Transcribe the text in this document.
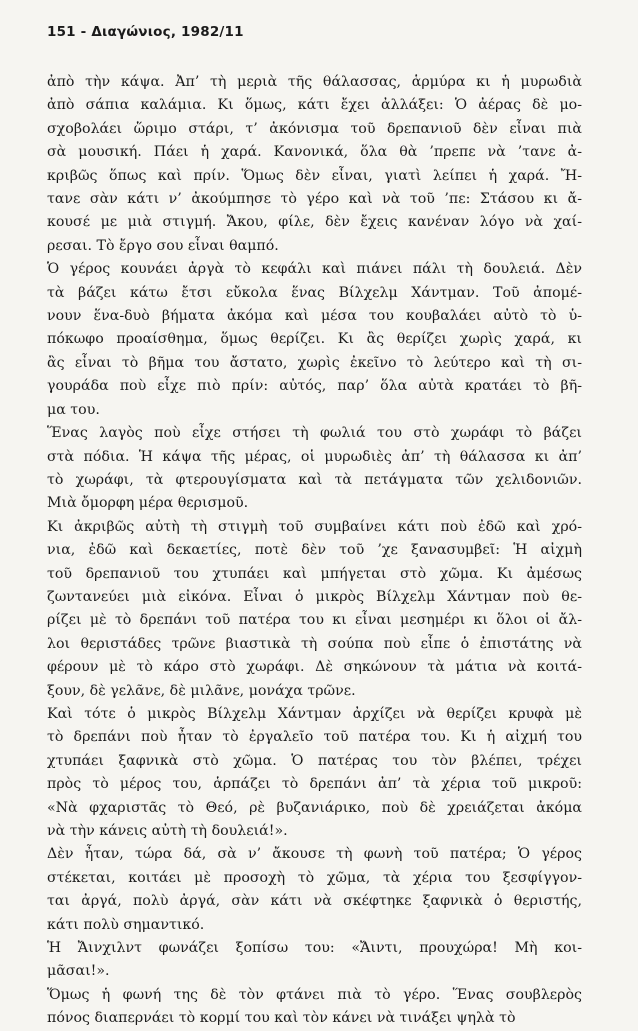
151 - Διαγώνιος, 1982/11
ἀπὸ τὴν κάψα. Ἀπ’ τὴ μεριὰ τῆς θάλασσας, ἁρμύρα κι ἡ μυρωδιὰ
ἀπὸ σάπια καλάμια. Κι ὅμως, κάτι ἔχει ἀλλάξει: Ὁ ἀέρας δὲ μο-
σχοβολάει ὥριμο στάρι, τ’ ἀκόνισμα τοῦ δρεπανιοῦ δὲν εἶναι πιὰ
σὰ μουσική. Πάει ἡ χαρά. Κανονικά, ὅλα θὰ ’πρεπε νὰ ’τανε ἀ-
κριβῶς ὅπως καὶ πρίν. Ὅμως δὲν εἶναι, γιατὶ λείπει ἡ χαρά. Ἤ-
τανε σὰν κάτι ν’ ἀκούμπησε τὸ γέρο καὶ νὰ τοῦ ’πε: Στάσου κι ἄ-
κουσέ με μιὰ στιγμή. Ἄκου, φίλε, δὲν ἔχεις κανέναν λόγο νὰ χαί-
ρεσαι. Τὸ ἔργο σου εἶναι θαμπό.
Ὁ γέρος κουνάει ἀργὰ τὸ κεφάλι καὶ πιάνει πάλι τὴ δουλειά. Δὲν
τὰ βάζει κάτω ἔτσι εὔκολα ἕνας Βίλχελμ Χάντμαν. Τοῦ ἀπομέ-
νουν ἕνα-δυὸ βήματα ἀκόμα καὶ μέσα του κουβαλάει αὐτὸ τὸ ὑ-
πόκωφο προαίσθημα, ὅμως θερίζει. Κι ἂς θερίζει χωρὶς χαρά, κι
ἂς εἶναι τὸ βῆμα του ἄστατο, χωρὶς ἐκεῖνο τὸ λεύτερο καὶ τὴ σι-
γουράδα ποὺ εἶχε πιὸ πρίν: αὐτός, παρ’ ὅλα αὐτὰ κρατάει τὸ βῆ-
μα του.
Ἕνας λαγὸς ποὺ εἶχε στήσει τὴ φωλιά του στὸ χωράφι τὸ βάζει
στὰ πόδια. Ἡ κάψα τῆς μέρας, οἱ μυρωδιὲς ἀπ’ τὴ θάλασσα κι ἀπ’
τὸ χωράφι, τὰ φτερουγίσματα καὶ τὰ πετάγματα τῶν χελιδονιῶν.
Μιὰ ὄμορφη μέρα θερισμοῦ.
Κι ἀκριβῶς αὐτὴ τὴ στιγμὴ τοῦ συμβαίνει κάτι ποὺ ἐδῶ καὶ χρό-
νια, ἐδῶ καὶ δεκαετίες, ποτὲ δὲν τοῦ ’χε ξανασυμβεῖ: Ἡ αἰχμὴ
τοῦ δρεπανιοῦ του χτυπάει καὶ μπήγεται στὸ χῶμα. Κι ἀμέσως
ζωντανεύει μιὰ εἰκόνα. Εἶναι ὁ μικρὸς Βίλχελμ Χάντμαν ποὺ θε-
ρίζει μὲ τὸ δρεπάνι τοῦ πατέρα του κι εἶναι μεσημέρι κι ὅλοι οἱ ἄλ-
λοι θεριστάδες τρῶνε βιαστικὰ τὴ σούπα ποὺ εἶπε ὁ ἐπιστάτης νὰ
φέρουν μὲ τὸ κάρο στὸ χωράφι. Δὲ σηκώνουν τὰ μάτια νὰ κοιτά-
ξουν, δὲ γελᾶνε, δὲ μιλᾶνε, μονάχα τρῶνε.
Καὶ τότε ὁ μικρὸς Βίλχελμ Χάντμαν ἀρχίζει νὰ θερίζει κρυφὰ μὲ
τὸ δρεπάνι ποὺ ἦταν τὸ ἐργαλεῖο τοῦ πατέρα του. Κι ἡ αἰχμή του
χτυπάει ξαφνικὰ στὸ χῶμα. Ὁ πατέρας του τὸν βλέπει, τρέχει
πρὸς τὸ μέρος του, ἁρπάζει τὸ δρεπάνι ἀπ’ τὰ χέρια τοῦ μικροῦ:
«Νὰ φχαριστᾶς τὸ Θεό, ρὲ βυζανιάρικο, ποὺ δὲ χρειάζεται ἀκόμα
νὰ τὴν κάνεις αὐτὴ τὴ δουλειά!».
Δὲν ἦταν, τώρα δά, σὰ ν’ ἄκουσε τὴ φωνὴ τοῦ πατέρα; Ὁ γέρος
στέκεται, κοιτάει μὲ προσοχὴ τὸ χῶμα, τὰ χέρια του ξεσφίγγον-
ται ἀργά, πολὺ ἀργά, σὰν κάτι νὰ σκέφτηκε ξαφνικὰ ὁ θεριστής,
κάτι πολὺ σημαντικό.
Ἡ Ἄινχιλντ φωνάζει ξοπίσω του: «Ἄιντι, προυχώρα! Μὴ κοι-
μᾶσαι!».
Ὅμως ἡ φωνή της δὲ τὸν φτάνει πιὰ τὸ γέρο. Ἕνας σουβλερὸς
πόνος διαπερνάει τὸ κορμί του καὶ τὸν κάνει νὰ τινάξει ψηλὰ τὸ
